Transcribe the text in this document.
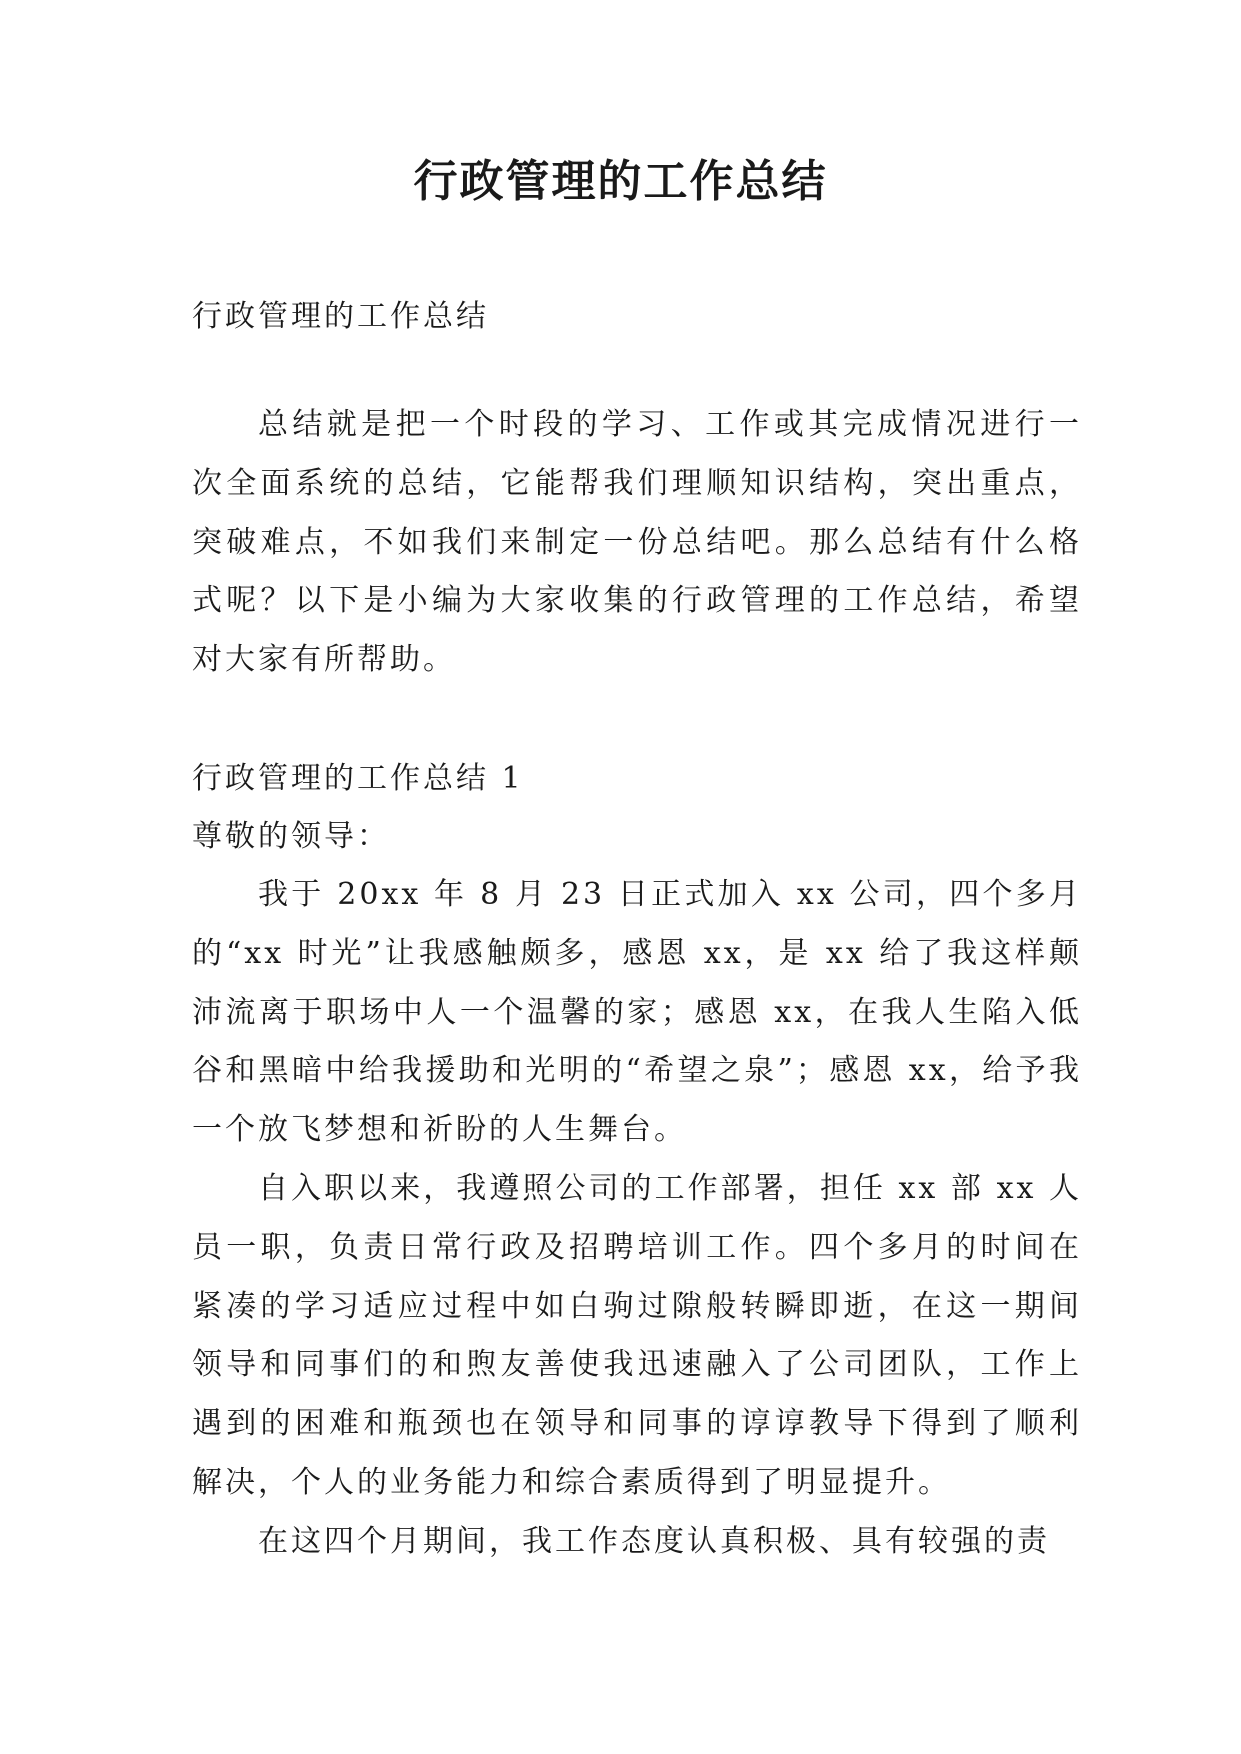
行政管理的工作总结

行政管理的工作总结

总结就是把一个时段的学习、工作或其完成情况进行一次全面系统的总结，它能帮我们理顺知识结构，突出重点，突破难点，不如我们来制定一份总结吧。那么总结有什么格式呢？以下是小编为大家收集的行政管理的工作总结，希望对大家有所帮助。

行政管理的工作总结 1

尊敬的领导：

我于 20xx 年 8 月 23 日正式加入 xx 公司，四个多月的“xx 时光”让我感触颇多，感恩 xx，是 xx 给了我这样颠沛流离于职场中人一个温馨的家；感恩 xx，在我人生陷入低谷和黑暗中给我援助和光明的“希望之泉”；感恩 xx，给予我一个放飞梦想和祈盼的人生舞台。

自入职以来，我遵照公司的工作部署，担任 xx 部 xx 人员一职，负责日常行政及招聘培训工作。四个多月的时间在紧凑的学习适应过程中如白驹过隙般转瞬即逝，在这一期间领导和同事们的和煦友善使我迅速融入了公司团队，工作上遇到的困难和瓶颈也在领导和同事的谆谆教导下得到了顺利解决，个人的业务能力和综合素质得到了明显提升。

在这四个月期间，我工作态度认真积极、具有较强的责
